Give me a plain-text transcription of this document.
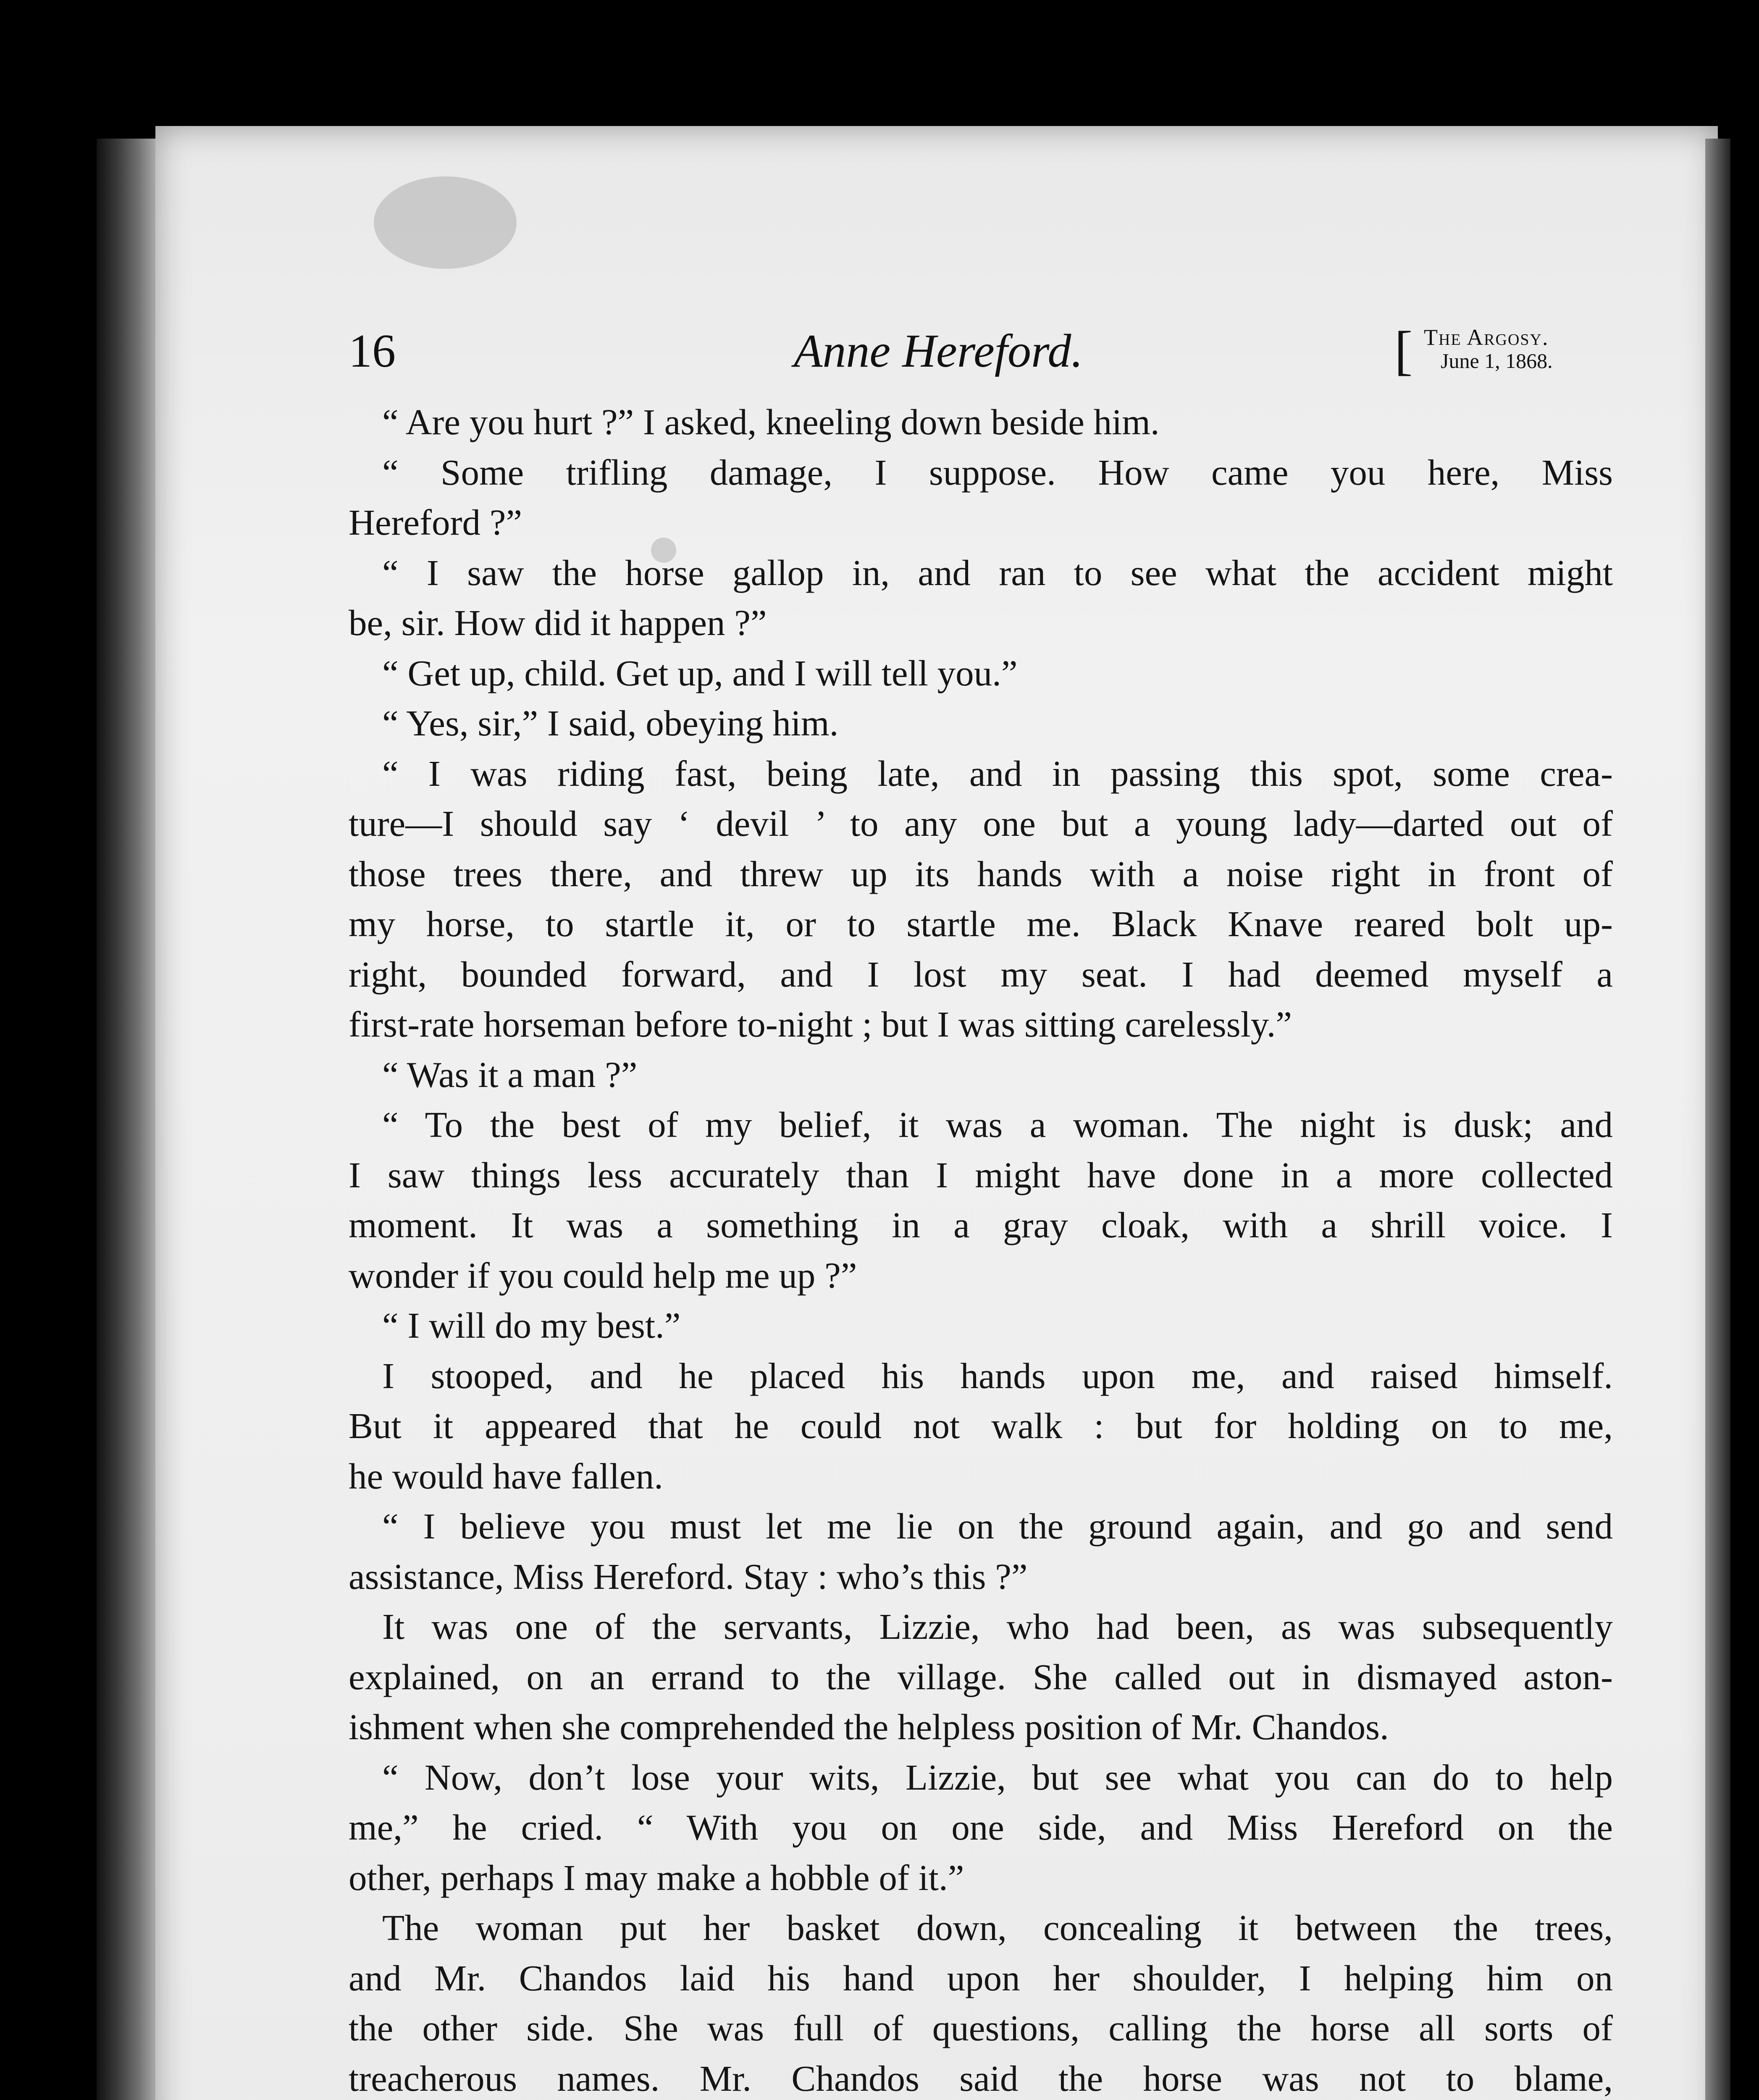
16	Anne Hereford.	[ The Argosy.
June 1, 1868.
“ Are you hurt ?” I asked, kneeling down beside him.
“ Some trifling damage, I suppose. How came you here, Miss
Hereford ?”
“ I saw the horse gallop in, and ran to see what the accident might
be, sir. How did it happen ?”
“ Get up, child. Get up, and I will tell you.”
“ Yes, sir,” I said, obeying him.
“ I was riding fast, being late, and in passing this spot, some crea-
ture—I should say ‘ devil ’ to any one but a young lady—darted out of
those trees there, and threw up its hands with a noise right in front of
my horse, to startle it, or to startle me. Black Knave reared bolt up-
right, bounded forward, and I lost my seat. I had deemed myself a
first-rate horseman before to-night ; but I was sitting carelessly.”
“ Was it a man ?”
“ To the best of my belief, it was a woman. The night is dusk; and
I saw things less accurately than I might have done in a more collected
moment. It was a something in a gray cloak, with a shrill voice. I
wonder if you could help me up ?”
“ I will do my best.”
I stooped, and he placed his hands upon me, and raised himself.
But it appeared that he could not walk : but for holding on to me,
he would have fallen.
“ I believe you must let me lie on the ground again, and go and send
assistance, Miss Hereford. Stay : who’s this ?”
It was one of the servants, Lizzie, who had been, as was subsequently
explained, on an errand to the village. She called out in dismayed aston-
ishment when she comprehended the helpless position of Mr. Chandos.
“ Now, don’t lose your wits, Lizzie, but see what you can do to help
me,” he cried. “ With you on one side, and Miss Hereford on the
other, perhaps I may make a hobble of it.”
The woman put her basket down, concealing it between the trees,
and Mr. Chandos laid his hand upon her shoulder, I helping him on
the other side. She was full of questions, calling the horse all sorts of
treacherous names. Mr. Chandos said the horse was not to blame,
